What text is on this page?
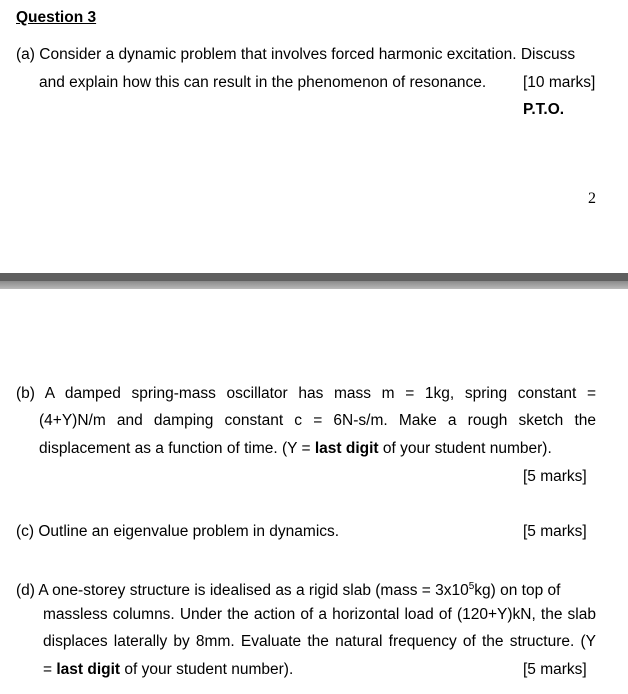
Question 3
(a) Consider a dynamic problem that involves forced harmonic excitation. Discuss
and explain how this can result in the phenomenon of resonance. [10 marks]
P.T.O.
2
(b) A damped spring-mass oscillator has mass m = 1kg, spring constant =
(4+Y)N/m and damping constant c = 6N-s/m. Make a rough sketch the
displacement as a function of time. (Y = last digit of your student number).
[5 marks]
(c) Outline an eigenvalue problem in dynamics.	[5 marks]
(d) A one-storey structure is idealised as a rigid slab (mass = $3x10^5kg$) on top of
massless columns. Under the action of a horizontal load of (120+Y)kN, the slab
displaces laterally by 8mm. Evaluate the natural frequency of the structure. (Y
= last digit of your student number).	[5 marks]
